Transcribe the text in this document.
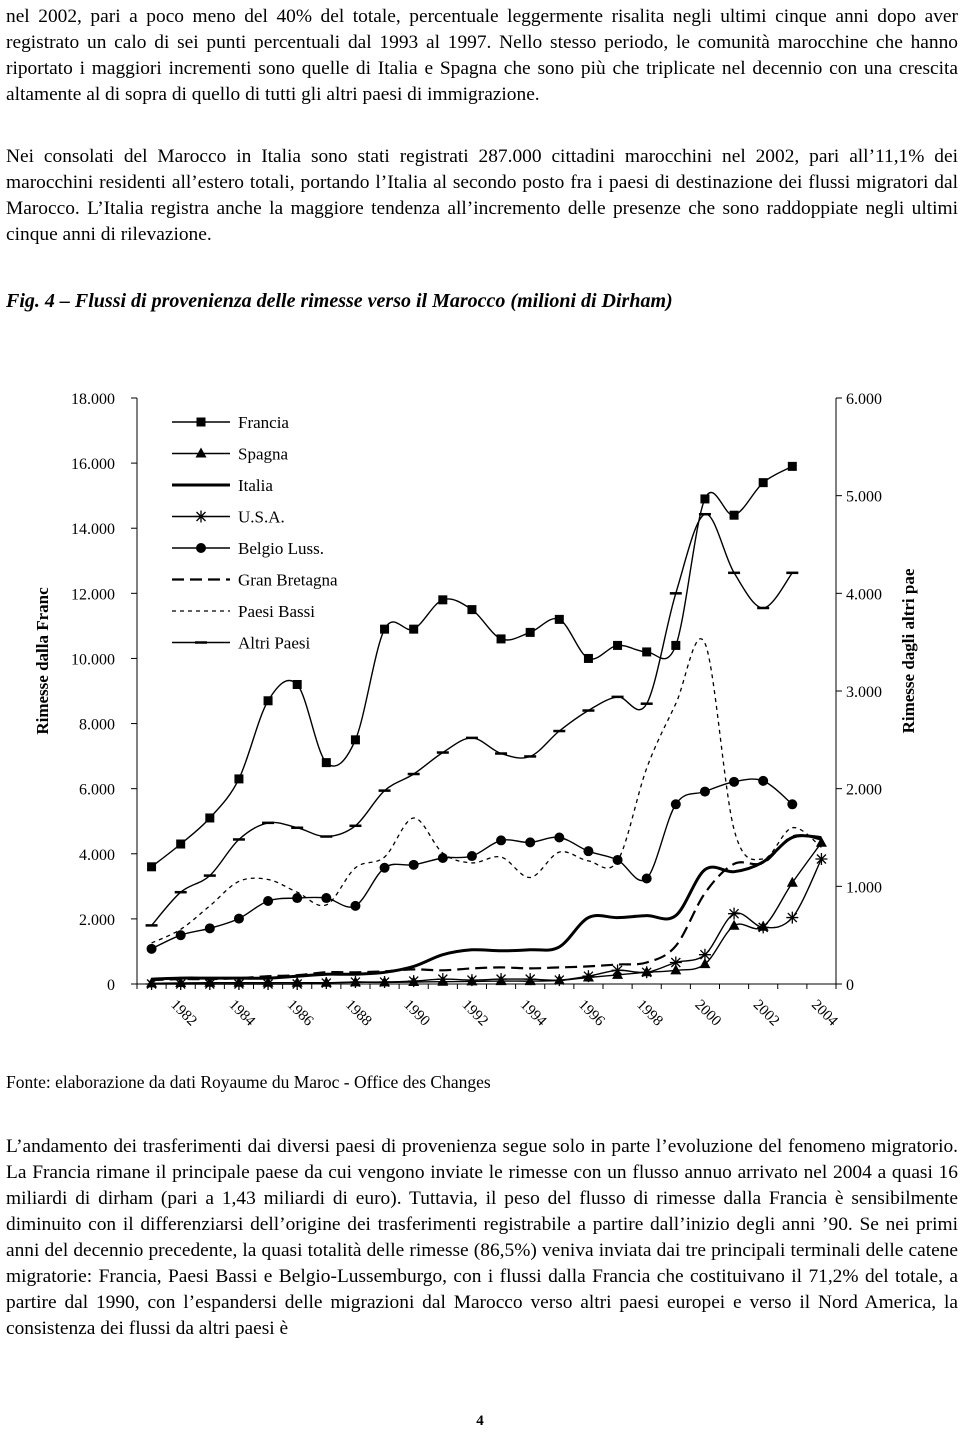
nel 2002, pari a poco meno del 40% del totale, percentuale leggermente risalita negli ultimi cinque anni dopo aver registrato un calo di sei punti percentuali dal 1993 al 1997. Nello stesso periodo, le comunità marocchine che hanno riportato i maggiori incrementi sono quelle di Italia e Spagna che sono più che triplicate nel decennio con una crescita altamente al di sopra di quello di tutti gli altri paesi di immigrazione.

Nei consolati del Marocco in Italia sono stati registrati 287.000 cittadini marocchini nel 2002, pari all’11,1% dei marocchini residenti all’estero totali, portando l’Italia al secondo posto fra i paesi di destinazione dei flussi migratori dal Marocco. L’Italia registra anche la maggiore tendenza all’incremento delle presenze che sono raddoppiate negli ultimi cinque anni di rilevazione.

Fig. 4 – Flussi di provenienza delle rimesse verso il Marocco (milioni di Dirham)

0
2.000
4.000
6.000
8.000
10.000
12.000
14.000
16.000
18.000
0
1.000
2.000
3.000
4.000
5.000
6.000
1982 1984 1986 1988 1990 1992 1994 1996 1998 2000 2002 2004
Rimesse dalla Franc	Rimesse dagli altri pae
Francia
Spagna
Italia
U.S.A.
Belgio Luss.
Gran Bretagna
Paesi Bassi
Altri Paesi

Fonte: elaborazione da dati Royaume du Maroc - Office des Changes

L’andamento dei trasferimenti dai diversi paesi di provenienza segue solo in parte l’evoluzione del fenomeno migratorio. La Francia rimane il principale paese da cui vengono inviate le rimesse con un flusso annuo arrivato nel 2004 a quasi 16 miliardi di dirham (pari a 1,43 miliardi di euro). Tuttavia, il peso del flusso di rimesse dalla Francia è sensibilmente diminuito con il differenziarsi dell’origine dei trasferimenti registrabile a partire dall’inizio degli anni ’90. Se nei primi anni del decennio precedente, la quasi totalità delle rimesse (86,5%) veniva inviata dai tre principali terminali delle catene migratorie: Francia, Paesi Bassi e Belgio-Lussemburgo, con i flussi dalla Francia che costituivano il 71,2% del totale, a partire dal 1990, con l’espandersi delle migrazioni dal Marocco verso altri paesi europei e verso il Nord America, la consistenza dei flussi da altri paesi è

4
